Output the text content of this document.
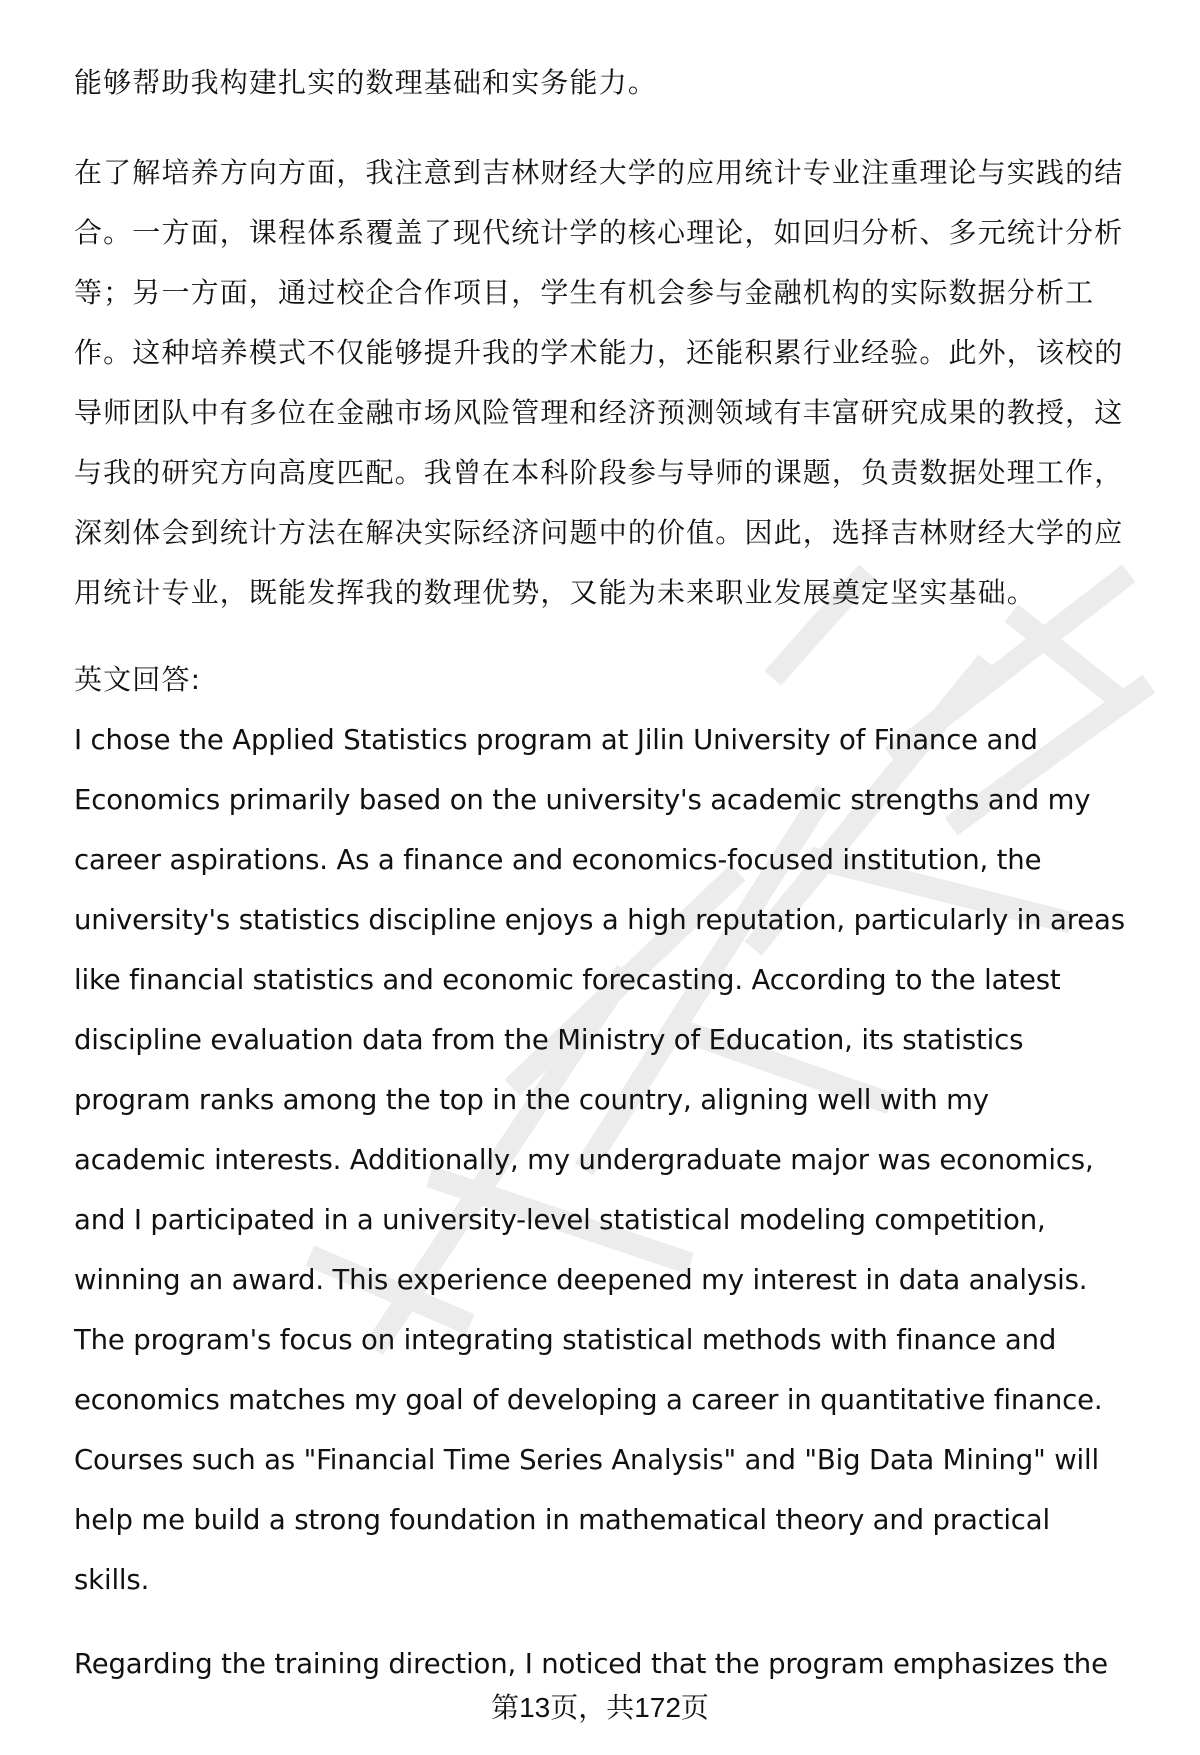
能够帮助我构建扎实的数理基础和实务能力。
在了解培养方向方面，我注意到吉林财经大学的应用统计专业注重理论与实践的结
合。一方面，课程体系覆盖了现代统计学的核心理论，如回归分析、多元统计分析
等；另一方面，通过校企合作项目，学生有机会参与金融机构的实际数据分析工
作。这种培养模式不仅能够提升我的学术能力，还能积累行业经验。此外，该校的
导师团队中有多位在金融市场风险管理和经济预测领域有丰富研究成果的教授，这
与我的研究方向高度匹配。我曾在本科阶段参与导师的课题，负责数据处理工作，
深刻体会到统计方法在解决实际经济问题中的价值。因此，选择吉林财经大学的应
用统计专业，既能发挥我的数理优势，又能为未来职业发展奠定坚实基础。
英文回答:
I chose the Applied Statistics program at Jilin University of Finance and
Economics primarily based on the university's academic strengths and my
career aspirations. As a finance and economics-focused institution, the
university's statistics discipline enjoys a high reputation, particularly in areas
like financial statistics and economic forecasting. According to the latest
discipline evaluation data from the Ministry of Education, its statistics
program ranks among the top in the country, aligning well with my
academic interests. Additionally, my undergraduate major was economics,
and I participated in a university-level statistical modeling competition,
winning an award. This experience deepened my interest in data analysis.
The program's focus on integrating statistical methods with finance and
economics matches my goal of developing a career in quantitative finance.
Courses such as "Financial Time Series Analysis" and "Big Data Mining" will
help me build a strong foundation in mathematical theory and practical
skills.
Regarding the training direction, I noticed that the program emphasizes the
第13页，共172页
